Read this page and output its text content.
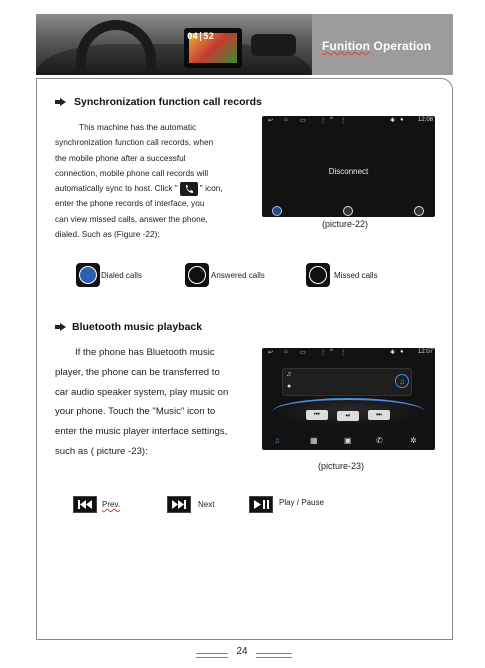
04|52
Funition Operation
Synchronization function call records
This machine has the automatic
synchronization function call records, when
the mobile phone after a successful
connection, mobile phone call records will
automatically sync to host. Click "	" icon,
enter the phone records of interface, you
can view missed calls, answer the phone,
dialed. Such as (Figure -22):
↩ ⌂ ▭ ⋮ ^ ⋮	✱ ● 12:08
Disconnect
(picture-22)
Dialed calls	Answered calls	Missed calls
Bluetooth music playback
If the phone has Bluetooth music
player, the phone can be transferred to
car audio speaker system, play music on
your phone. Touch the "Music" icon to
enter the music player interface settings,
such as ( picture -23):
↩ ⌂ ▭ ⋮ ^ ⋮	✱ ● 12:07
♫
●
♫
⏮	⏯	⏭
♫	▦	▣	✆	✲
(picture-23)
Prev.	Next	Play / Pause
24
